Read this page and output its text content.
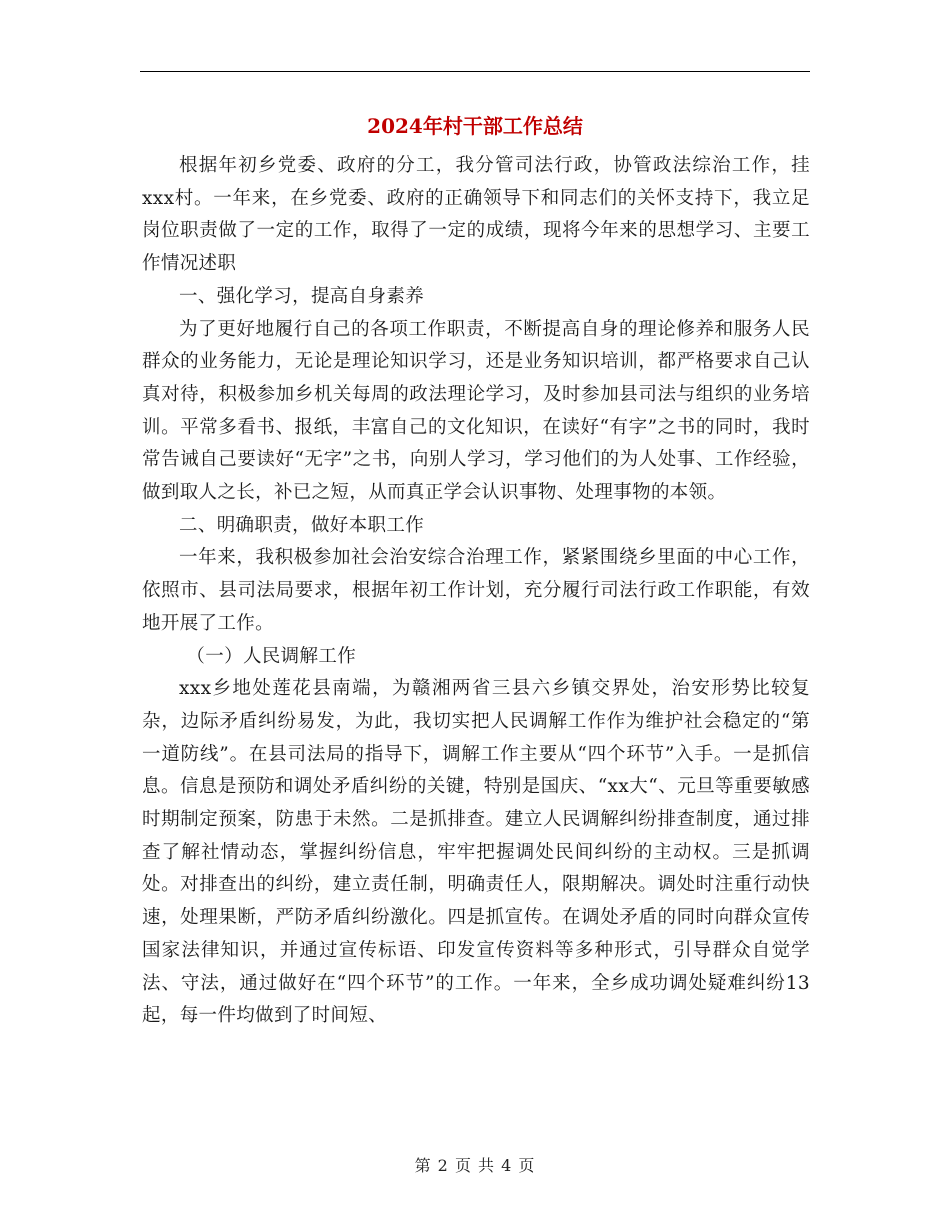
2024年村干部工作总结

根据年初乡党委、政府的分工，我分管司法行政，协管政法综治工作，挂xxx村。一年来，在乡党委、政府的正确领导下和同志们的关怀支持下，我立足岗位职责做了一定的工作，取得了一定的成绩，现将今年来的思想学习、主要工作情况述职

一、强化学习，提高自身素养

为了更好地履行自己的各项工作职责，不断提高自身的理论修养和服务人民群众的业务能力，无论是理论知识学习，还是业务知识培训，都严格要求自己认真对待，积极参加乡机关每周的政法理论学习，及时参加县司法与组织的业务培训。平常多看书、报纸，丰富自己的文化知识，在读好“有字”之书的同时，我时常告诫自己要读好“无字”之书，向别人学习，学习他们的为人处事、工作经验，做到取人之长，补已之短，从而真正学会认识事物、处理事物的本领。

二、明确职责，做好本职工作

一年来，我积极参加社会治安综合治理工作，紧紧围绕乡里面的中心工作，依照市、县司法局要求，根据年初工作计划，充分履行司法行政工作职能，有效地开展了工作。

（一）人民调解工作

xxx乡地处莲花县南端，为赣湘两省三县六乡镇交界处，治安形势比较复杂，边际矛盾纠纷易发，为此，我切实把人民调解工作作为维护社会稳定的“第一道防线”。在县司法局的指导下，调解工作主要从“四个环节”入手。一是抓信息。信息是预防和调处矛盾纠纷的关键，特别是国庆、“xx大“、元旦等重要敏感时期制定预案，防患于未然。二是抓排查。建立人民调解纠纷排查制度，通过排查了解社情动态，掌握纠纷信息，牢牢把握调处民间纠纷的主动权。三是抓调处。对排查出的纠纷，建立责任制，明确责任人，限期解决。调处时注重行动快速，处理果断，严防矛盾纠纷激化。四是抓宣传。在调处矛盾的同时向群众宣传国家法律知识，并通过宣传标语、印发宣传资料等多种形式，引导群众自觉学法、守法，通过做好在“四个环节”的工作。一年来，全乡成功调处疑难纠纷13起，每一件均做到了时间短、

第 2 页 共 4 页
